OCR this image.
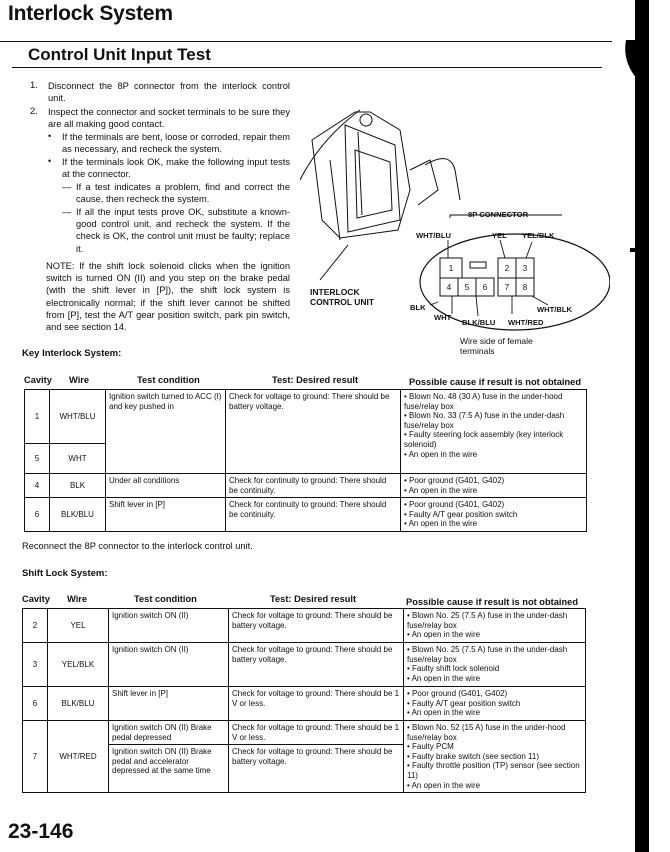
Interlock System
Control Unit Input Test
1. Disconnect the 8P connector from the interlock control unit.
2. Inspect the connector and socket terminals to be sure they are all making good contact.
• If the terminals are bent, loose or corroded, repair them as necessary, and recheck the system.
• If the terminals look OK, make the following input tests at the connector.
— If a test indicates a problem, find and correct the cause, then recheck the system.
— If all the input tests prove OK, substitute a known-good control unit, and recheck the system. If the check is OK, the control unit must be faulty; replace it.
NOTE: If the shift lock solenoid clicks when the ignition switch is turned ON (II) and you step on the brake pedal (with the shift lever in [P]), the shift lock system is electronically normal; if the shift lever cannot be shifted from [P], test the A/T gear position switch, park pin switch, and see section 14.
1	2 3
4 5 6 7 8
8P CONNECTOR
WHT/BLU	YEL YEL/BLK
BLK
WHT
BLK/BLU WHT/RED
WHT/BLK
INTERLOCK CONTROL UNIT
Wire side of female terminals
Key Interlock System:
Cavity Wire	Test condition	Test: Desired result	Possible cause if result is not obtained
1	WHT/BLU	Ignition switch turned to ACC (I) and key pushed in	Check for voltage to ground: There should be battery voltage.	• Blown No. 48 (30 A) fuse in the under-hood fuse/relay box
• Blown No. 33 (7.5 A) fuse in the under-dash fuse/relay box
• Faulty steering lock assembly (key interlock solenoid)
• An open in the wire

5	WHT			
4	BLK	Under all conditions	Check for continuity to ground: There should be continuity.	• Poor ground (G401, G402)
• An open in the wire

6	BLK/BLU	Shift lever in [P]	Check for continuity to ground: There should be continuity.	• Poor ground (G401, G402)
• Faulty A/T gear position switch
• An open in the wire
Reconnect the 8P connector to the interlock control unit.
Shift Lock System:
Cavity Wire	Test condition	Test: Desired result	Possible cause if result is not obtained
2	YEL	Ignition switch ON (II)	Check for voltage to ground: There should be battery voltage.	• Blown No. 25 (7.5 A) fuse in the under-dash fuse/relay box
• An open in the wire

3	YEL/BLK	Ignition switch ON (II)	Check for voltage to ground: There should be battery voltage.	• Blown No. 25 (7.5 A) fuse in the under-dash fuse/relay box
• Faulty shift lock solenoid
• An open in the wire

6	BLK/BLU	Shift lever in [P]	Check for voltage to ground: There should be 1 V or less.	• Poor ground (G401, G402)
• Faulty A/T gear position switch
• An open in the wire

7	WHT/RED	Ignition switch ON (II) Brake pedal depressed	Check for voltage to ground: There should be 1 V or less.	• Blown No. 52 (15 A) fuse in the under-hood fuse/relay box
• Faulty PCM
• Faulty brake switch (see section 11)
• Faulty throttle position (TP) sensor (see section 11)
• An open in the wire

		Ignition switch ON (II) Brake pedal and accelerator depressed at the same time	Check for voltage to ground: There should be battery voltage.	
23-146
